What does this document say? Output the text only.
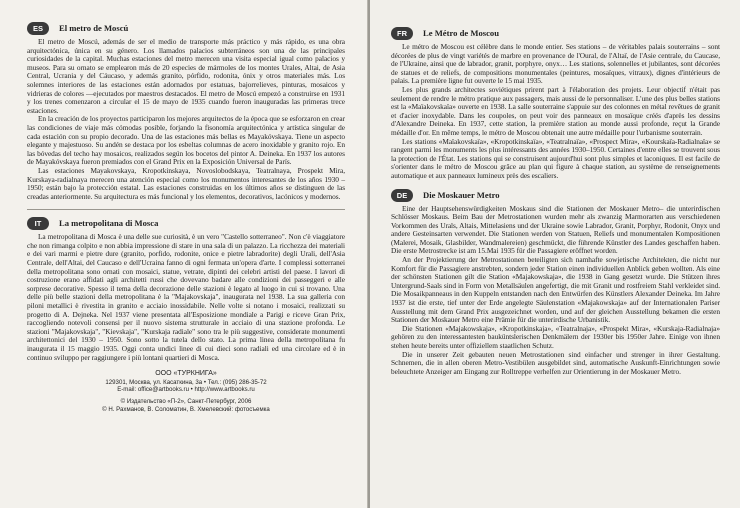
ES	El metro de Moscú

El metro de Moscú, además de ser el medio de transporte más práctico y más rápido, es una obra arquitectónica, única en su género. Los llamados palacios subterráneos son una de las principales curiosidades de la capital. Muchas estaciones del metro merecen una visita especial igual como palacios y museos. Para su ornato se emplearon más de 20 especies de mármoles de los montes Urales, Altai, de Asia Central, Ucrania y del Cáucaso, y además granito, pórfido, rodonita, ónix y otros materiales más. Los solemnes interiores de las estaciones están adornados por estatuas, bajorrelieves, pinturas, mosaicos y vidrieras de colores —ejecutados por maestros destacados. El metro de Moscú empezó a construirse en 1931 y los trenes comenzaron a circular el 15 de mayo de 1935 cuando fueron inauguradas las primeras trece estaciones.

En la creación de los proyectos participaron los mejores arquitectos de la época que se esforzaron en crear las condiciones de viaje más cómodas posible, forjando la fisonomía arquitectónica y artística singular de cada estación con su propio decorado. Una de las estaciones más bellas es Mayakóvskaya. Tiene un aspecto elegante y majestuoso. Su andén se destaca por los esbeltas columnas de acero inoxidable y granito rojo. En las bóvedas del techo hay mosaicos, realizados según los bocetos del pintor A. Deineka. En 1937 los autores de Mayakóvskaya fueron premiados con el Grand Prix en la Exposición Universal de París.

Las estaciones Mayakovskaya, Kropotkinskaya, Novoslobodskaya, Teatralnaya, Prospekt Mira, Kurskaya-radialnaya merecen una atención especial como los monumentos interesantes de los años 1930 – 1950; están bajo la protección estatal. Las estaciones construidas en los últimos años se distinguen de las creadas anteriormente. Su arquitectura es más funcional y los elementos, decorativos, lacónicos y modernos.

IT	La metropolitana di Mosca

La metropolitana di Mosca è una delle sue curiosità, è un vero "Castello sotterraneo". Non c'è viaggiatore che non rimanga colpito e non abbia impressione di stare in una sala di un palazzo. La ricchezza dei materiali e dei vari marmi e pietre dure (granito, porfido, rodonite, onice e pietre labradorite) degli Urali, dell'Asia Centrale, dell'Altai, del Caucaso e dell'Ucraina fanno di ogni fermata un'opera d'arte. I complessi sotterranei della metropolitana sono ornati con mosaici, statue, vetrate, dipinti dei celebri artisti del paese. I lavori di costruzione erano affidati agli architetti russi che dovevano badare alle condizioni dei passeggeri e alle sorprese decorative. Spesso il tema della decorazione delle stazioni è legato al luogo in cui si trovano. Una delle più belle stazioni della metropolitana è la "Majakovskaja", inaugurata nel 1938. La sua galleria con piloni metallici è rivestita in granito e acciaio inossidabile. Nelle volte si notano i mosaici, realizzati su progetto di A. Dejneka. Nel 1937 viene presentata all'Esposizione mondiale a Parigi e riceve Gran Prix, raccogliendo notevoli consensi per il nuovo sistema strutturale in acciaio di una stazione profonda. Le stazioni "Majakovskaja", "Kievskaja", "Kurskaja radiale" sono tra le più suggestive, considerate monumenti architettonici del 1930 – 1950. Sono sotto la tutela dello stato. La prima linea della metropolitana fu inaugurata il 15 maggio 1935. Oggi conta undici linee di cui dieci sono radiali ed una circolare ed è in continuo sviluppo per raggiungere i più lontani quartieri di Mosca.

ООО «ТУРКНИГА»
129301, Москва, ул. Касаткина, 3а • Тел.: (095) 286-35-72
E-mail: office@artbooks.ru • http://www.artbooks.ru
© Издательство «П-2», Санкт-Петербург, 2006
© Н. Рахманов, В. Соломатин, В. Хмелевский: фотосъемка
FR	Le Métro de Moscou

Le métro de Moscou est célèbre dans le monde entier. Ses stations – de véritables palais souterrains – sont décorées de plus de vingt variétés de marbre en provenance de l'Oural, de l'Altaï, de l'Asie centrale, du Caucase, de l'Ukraine, ainsi que de labrador, granit, porphyre, onyx… Les stations, solennelles et jubilantes, sont décorées de statues et de reliefs, de compositions monumentales (peintures, mosaïques, vitraux), dignes d'intérieurs de palais. La première ligne fut ouverte le 15 mai 1935.

Les plus grands architectes soviétiques prirent part à l'élaboration des projets. Leur objectif n'était pas seulement de rendre le métro pratique aux passagers, mais aussi de le personnaliser. L'une des plus belles stations est la «Maïakovskaïa» ouverte en 1938. La salle souterraine s'appuie sur des colonnes en métal revêtues de granit et d'acier inoxydable. Dans les coupoles, on peut voir des panneaux en mosaïque créés d'après les dessins d'Alexandre Deineka. En 1937, cette station, la première station au monde aussi profonde, reçut la Grande médaille d'or. En même temps, le métro de Moscou obtenait une autre médaille pour l'urbanisme souterrain.

Les stations «Maïakovskaïa», «Kropotkinskaïa», «Teatralnaïa», «Prospect Mira», «Kourskaïa-Radialnaïa» se rangent parmi les monuments les plus intéressants des années 1930–1950. Certaines d'entre elles se trouvent sous la protection de l'État. Les stations qui se construisent aujourd'hui sont plus simples et laconiques. Il est facile de s'orienter dans le métro de Moscou grâce au plan qui figure à chaque station, au système de renseignements automatique et aux panneaux lumineux près des escaliers.

DE	Die Moskauer Metro

Eine der Hauptsehenswürdigkeiten Moskaus sind die Stationen der Moskauer Metro– die unterirdischen Schlösser Moskaus. Beim Bau der Metrostationen wurden mehr als zwanzig Marmorarten aus verschiedenen Vorkommen des Urals, Altais, Mittelasiens und der Ukraine sowie Labrador, Granit, Porphyr, Rodonit, Onyx und andere Gesteinsarten verwendet. Die Stationen werden von Statuen, Reliefs und monumentalen Kompositionen (Malerei, Mosaik, Glasbilder, Wandmalereien) geschmückt, die führende Künstler des Landes geschaffen haben. Die erste Metrostrecke ist am 15.Mai 1935 für die Passagiere eröffnet worden.

An der Projektierung der Metrostationen beteiligten sich namhafte sowjetische Architekten, die nicht nur Komfort für die Passagiere anstrebten, sondern jeder Station einen individuellen Anblick geben wollten. Als eine der schönsten Stationen gilt die Station «Majakowskaja», die 1938 in Gang gesetzt wurde. Die Stützen ihres Untergrund-Saals sind in Form von Metallsäulen angefertigt, die mit Granit und rostfreiem Stahl verkleidet sind. Die Mosaikpanneaus in den Kuppeln entstanden nach den Entwürfen des Künstlers Alexander Deineka. Im Jahre 1937 ist die erste, tief unter der Erde angelegte Säulenstation «Majakowskaja» auf der Internationalen Pariser Ausstellung mit dem Grand Prix ausgezeichnet worden, und auf der gleichen Ausstellung bekamen die ersten Stationen der Moskauer Metro eine Prämie für die unterirdische Urbanistik.

Die Stationen «Majakowskaja», «Kropotkinskaja», «Teatralnaja», «Prospekt Mira», «Kurskaja-Radialnaja» gehören zu den interessantesten bauküntslerischen Denkmälern der 1930er bis 1950er Jahre. Einige von ihnen stehen heute bereits unter offiziellem staatlichen Schutz.

Die in unserer Zeit gebauten neuen Metrostationen sind einfacher und strenger in ihrer Gestaltung. Schnemen, die in allen oberen Metro-Vestibülen ausgebildet sind, automatische Auskunft-Einrichtungen sowie beleuchtete Anzeiger am Eingang zur Rolltreppe verhelfen zur Orientierung in der Moskauer Metro.
